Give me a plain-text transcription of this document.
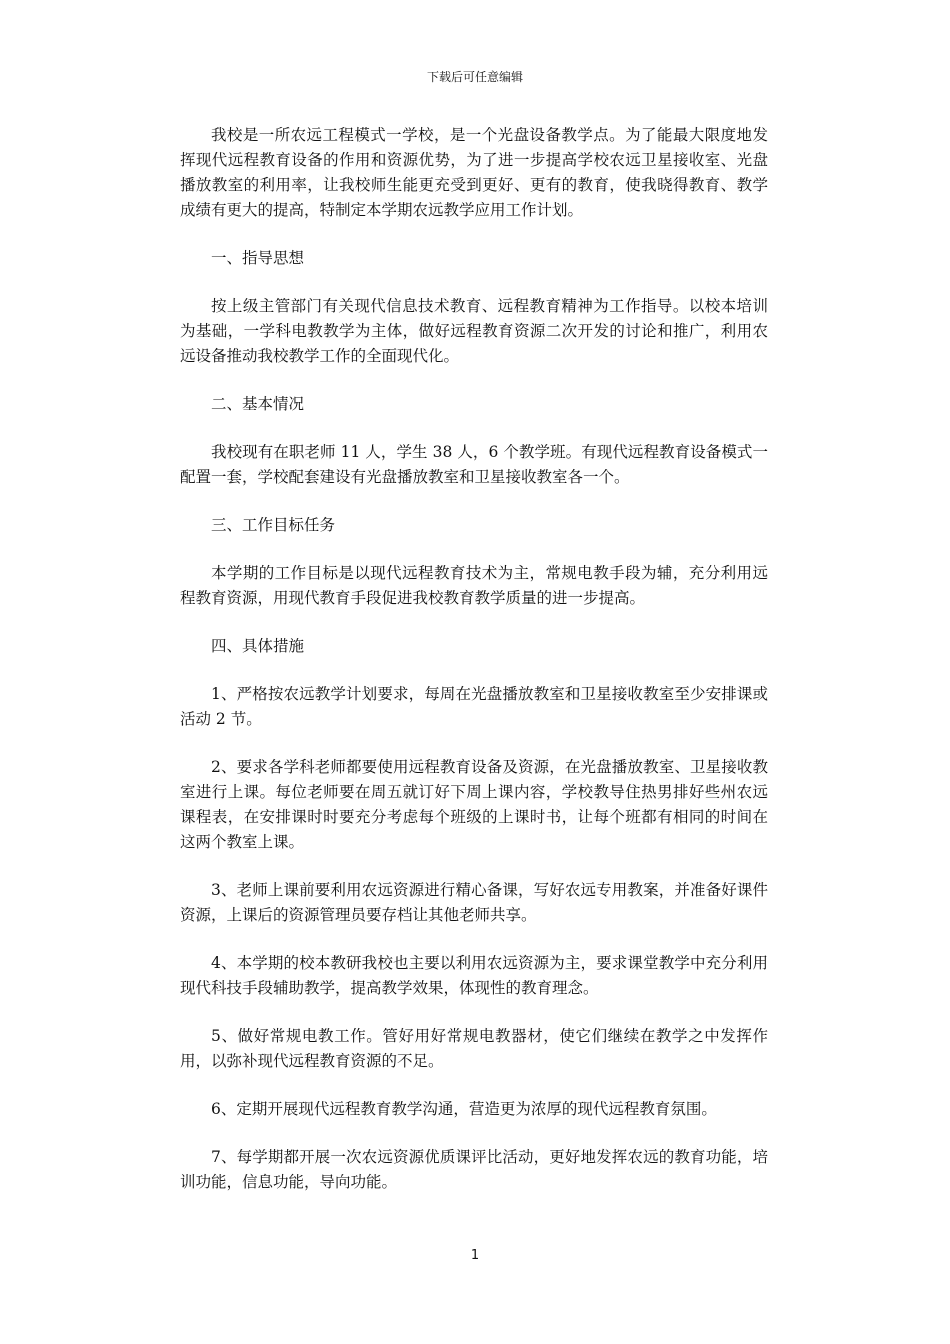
下载后可任意编辑

我校是一所农远工程模式一学校，是一个光盘设备教学点。为了能最大限度地发挥现代远程教育设备的作用和资源优势，为了进一步提高学校农远卫星接收室、光盘播放教室的利用率，让我校师生能更充受到更好、更有的教育，使我晓得教育、教学成绩有更大的提高，特制定本学期农远教学应用工作计划。

一、指导思想

按上级主管部门有关现代信息技术教育、远程教育精神为工作指导。以校本培训为基础，一学科电教教学为主体，做好远程教育资源二次开发的讨论和推广，利用农远设备推动我校教学工作的全面现代化。

二、基本情况

我校现有在职老师 11 人，学生 38 人，6 个教学班。有现代远程教育设备模式一配置一套，学校配套建设有光盘播放教室和卫星接收教室各一个。

三、工作目标任务

本学期的工作目标是以现代远程教育技术为主，常规电教手段为辅，充分利用远程教育资源，用现代教育手段促进我校教育教学质量的进一步提高。

四、具体措施

1、严格按农远教学计划要求，每周在光盘播放教室和卫星接收教室至少安排课或活动 2 节。

2、要求各学科老师都要使用远程教育设备及资源，在光盘播放教室、卫星接收教室进行上课。每位老师要在周五就订好下周上课内容，学校教导住热男排好些州农远课程表，在安排课时时要充分考虑每个班级的上课时书，让每个班都有相同的时间在这两个教室上课。

3、老师上课前要利用农远资源进行精心备课，写好农远专用教案，并准备好课件资源，上课后的资源管理员要存档让其他老师共享。

4、本学期的校本教研我校也主要以利用农远资源为主，要求课堂教学中充分利用现代科技手段辅助教学，提高教学效果，体现性的教育理念。

5、做好常规电教工作。管好用好常规电教器材，使它们继续在教学之中发挥作用，以弥补现代远程教育资源的不足。

6、定期开展现代远程教育教学沟通，营造更为浓厚的现代远程教育氛围。

7、每学期都开展一次农远资源优质课评比活动，更好地发挥农远的教育功能，培训功能，信息功能，导向功能。

1
